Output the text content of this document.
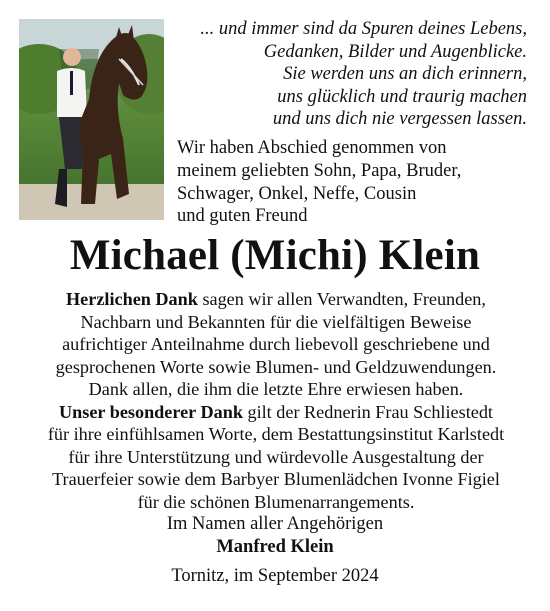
... und immer sind da Spuren deines Lebens,
Gedanken, Bilder und Augenblicke.
Sie werden uns an dich erinnern,
uns glücklich und traurig machen
und uns dich nie vergessen lassen.
Wir haben Abschied genommen von
meinem geliebten Sohn, Papa, Bruder,
Schwager, Onkel, Neffe, Cousin
und guten Freund
Michael (Michi) Klein
Herzlichen Dank sagen wir allen Verwandten, Freunden,
Nachbarn und Bekannten für die vielfältigen Beweise
aufrichtiger Anteilnahme durch liebevoll geschriebene und
gesprochenen Worte sowie Blumen- und Geldzuwendungen.
Dank allen, die ihm die letzte Ehre erwiesen haben.
Unser besonderer Dank gilt der Rednerin Frau Schliestedt
für ihre einfühlsamen Worte, dem Bestattungsinstitut Karlstedt
für ihre Unterstützung und würdevolle Ausgestaltung der
Trauerfeier sowie dem Barbyer Blumenlädchen Ivonne Figiel
für die schönen Blumenarrangements.
Im Namen aller Angehörigen
Manfred Klein
Tornitz, im September 2024
